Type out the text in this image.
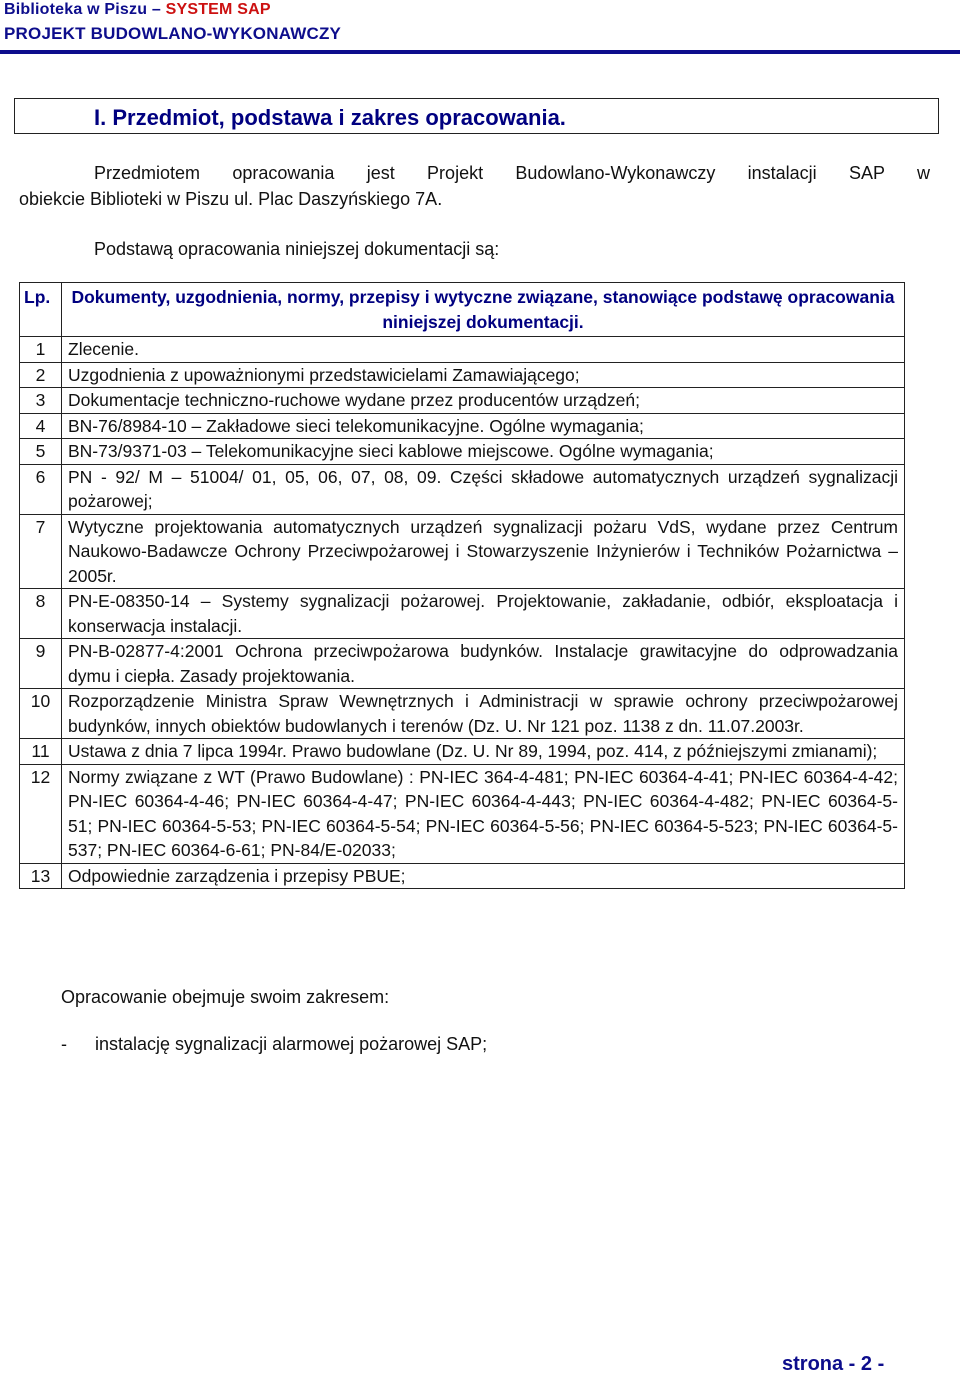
Biblioteka w Piszu – SYSTEM SAP
PROJEKT BUDOWLANO-WYKONAWCZY
I. Przedmiot, podstawa i zakres opracowania.
Przedmiotem opracowania jest Projekt Budowlano-Wykonawczy instalacji SAP w
obiekcie Biblioteki w Piszu ul. Plac Daszyńskiego 7A.
Podstawą opracowania niniejszej dokumentacji są:
Lp.	Dokumenty, uzgodnienia, normy, przepisy i wytyczne związane, stanowiące podstawę opracowania niniejszej dokumentacji.
1	Zlecenie.
2	Uzgodnienia z upoważnionymi przedstawicielami Zamawiającego;
3	Dokumentacje techniczno-ruchowe wydane przez producentów urządzeń;
4	BN-76/8984-10 – Zakładowe sieci telekomunikacyjne. Ogólne wymagania;
5	BN-73/9371-03 – Telekomunikacyjne sieci kablowe miejscowe. Ogólne wymagania;
6	PN - 92/ M – 51004/ 01, 05, 06, 07, 08, 09. Części składowe automatycznych urządzeń sygnalizacji pożarowej;
7	Wytyczne projektowania automatycznych urządzeń sygnalizacji pożaru VdS, wydane przez Centrum Naukowo-Badawcze Ochrony Przeciwpożarowej i Stowarzyszenie Inżynierów i Techników Pożarnictwa – 2005r.
8	PN-E-08350-14 – Systemy sygnalizacji pożarowej. Projektowanie, zakładanie, odbiór, eksploatacja i konserwacja instalacji.
9	PN-B-02877-4:2001 Ochrona przeciwpożarowa budynków. Instalacje grawitacyjne do odprowadzania dymu i ciepła. Zasady projektowania.
10	Rozporządzenie Ministra Spraw Wewnętrznych i Administracji w sprawie ochrony przeciwpożarowej budynków, innych obiektów budowlanych i terenów (Dz. U. Nr 121 poz. 1138 z dn. 11.07.2003r.
11	Ustawa z dnia 7 lipca 1994r. Prawo budowlane (Dz. U. Nr 89, 1994, poz. 414, z późniejszymi zmianami);
12	Normy związane z WT (Prawo Budowlane) : PN-IEC 364-4-481; PN-IEC 60364-4-41; PN-IEC 60364-4-42; PN-IEC 60364-4-46; PN-IEC 60364-4-47; PN-IEC 60364-4-443; PN-IEC 60364-4-482; PN-IEC 60364-5-51; PN-IEC 60364-5-53; PN-IEC 60364-5-54; PN-IEC 60364-5-56; PN-IEC 60364-5-523; PN-IEC 60364-5-537; PN-IEC 60364-6-61; PN-84/E-02033;
13	Odpowiednie zarządzenia i przepisy PBUE;
Opracowanie obejmuje swoim zakresem:
- instalację sygnalizacji alarmowej pożarowej SAP;
strona - 2 -
